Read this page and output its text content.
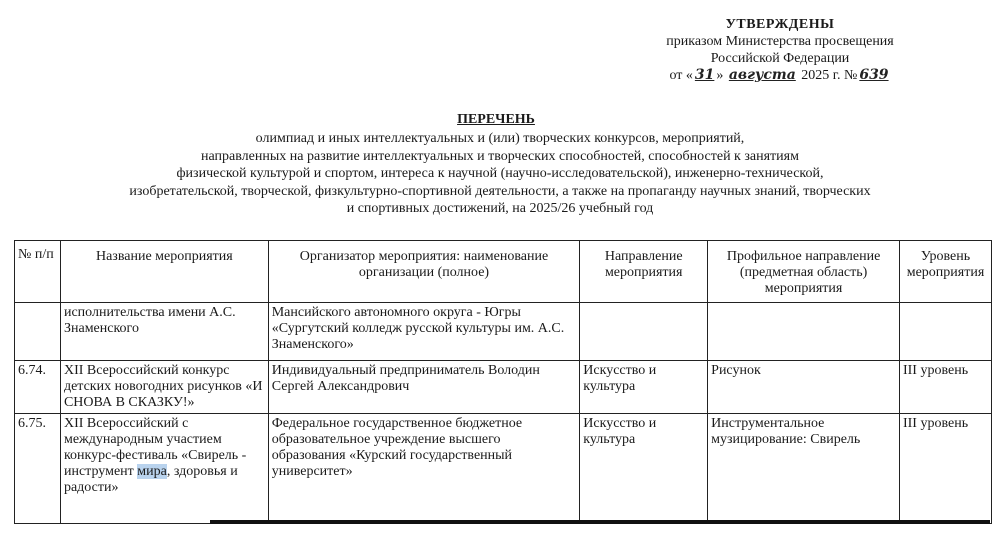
УТВЕРЖДЕНЫ
приказом Министерства просвещения
Российской Федерации
от « 31 » августа 2025 г. № 639
ПЕРЕЧЕНЬ
олимпиад и иных интеллектуальных и (или) творческих конкурсов, мероприятий,
направленных на развитие интеллектуальных и творческих способностей, способностей к занятиям
физической культурой и спортом, интереса к научной (научно-исследовательской), инженерно-технической,
изобретательской, творческой, физкультурно-спортивной деятельности, а также на пропаганду научных знаний, творческих
и спортивных достижений, на 2025/26 учебный год
№ п/п	Название мероприятия	Организатор мероприятия: наименование организации (полное)	Направление мероприятия	Профильное направление (предметная область) мероприятия	Уровень мероприятия
	исполнительства имени А.С. Знаменского	Мансийского автономного округа - Югры «Сургутский колледж русской культуры им. А.С. Знаменского»			
6.74.	XII Всероссийский конкурс детских новогодних рисунков «И СНОВА В СКАЗКУ!»	Индивидуальный предприниматель Володин Сергей Александрович	Искусство и культура	Рисунок	III уровень
6.75.	XII Всероссийский с международным участием конкурс-фестиваль «Свирель - инструмент мира, здоровья и радости»	Федеральное государственное бюджетное образовательное учреждение высшего образования «Курский государственный университет»	Искусство и культура	Инструментальное музицирование: Свирель	III уровень
